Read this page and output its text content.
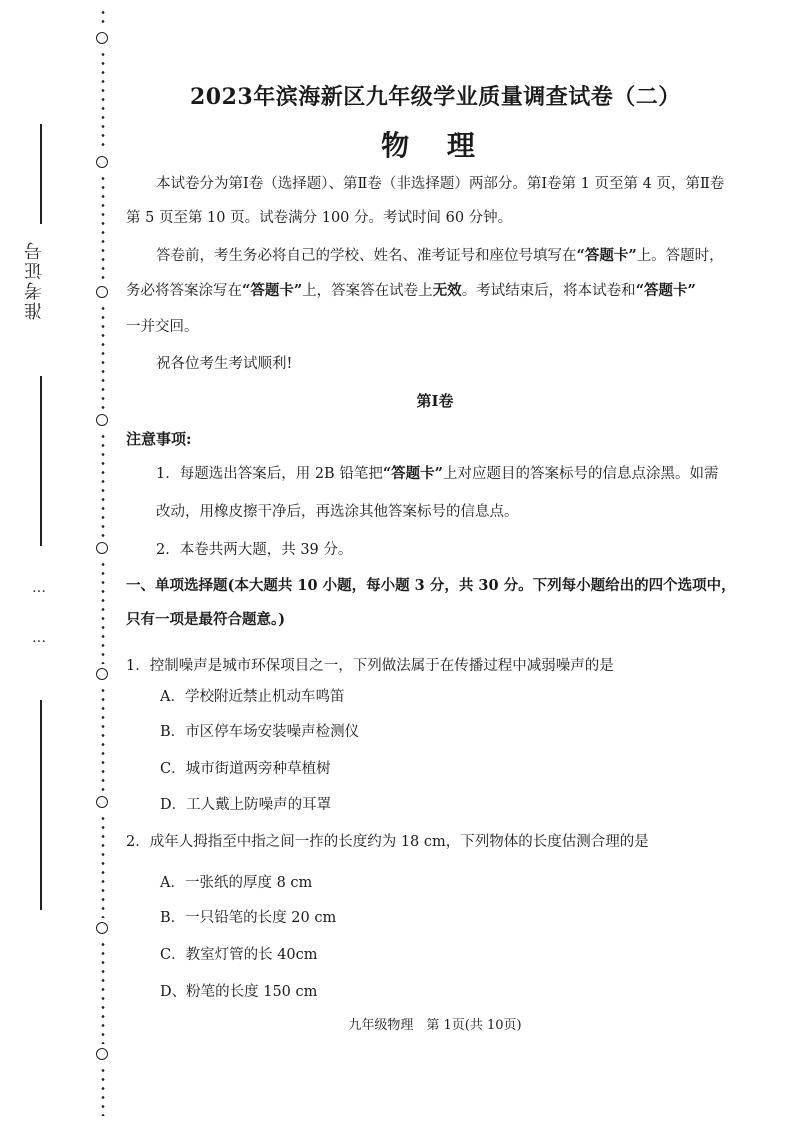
准考证号
…
…
2023年滨海新区九年级学业质量调查试卷（二）
物 理
本试卷分为第Ⅰ卷（选择题）、第Ⅱ卷（非选择题）两部分。第Ⅰ卷第 1 页至第 4 页，第Ⅱ卷
第 5 页至第 10 页。试卷满分 100 分。考试时间 60 分钟。
答卷前，考生务必将自己的学校、姓名、准考证号和座位号填写在“答题卡”上。答题时，
务必将答案涂写在“答题卡”上，答案答在试卷上无效。考试结束后，将本试卷和“答题卡”
一并交回。
祝各位考生考试顺利!
第Ⅰ卷
注意事项:
1．每题选出答案后，用 2B 铅笔把“答题卡”上对应题目的答案标号的信息点涂黑。如需
改动，用橡皮擦干净后，再选涂其他答案标号的信息点。
2．本卷共两大题，共 39 分。
一、单项选择题(本大题共 10 小题，每小题 3 分，共 30 分。下列每小题给出的四个选项中，
只有一项是最符合题意。)
1．控制噪声是城市环保项目之一，下列做法属于在传播过程中减弱噪声的是
A．学校附近禁止机动车鸣笛
B．市区停车场安装噪声检测仪
C．城市街道两旁种草植树
D．工人戴上防噪声的耳罩
2．成年人拇指至中指之间一拃的长度约为 18 cm，下列物体的长度估测合理的是
A．一张纸的厚度 8 cm
B．一只铅笔的长度 20 cm
C．教室灯管的长 40cm
D、粉笔的长度 150 cm
九年级物理　第 1页(共 10页)
